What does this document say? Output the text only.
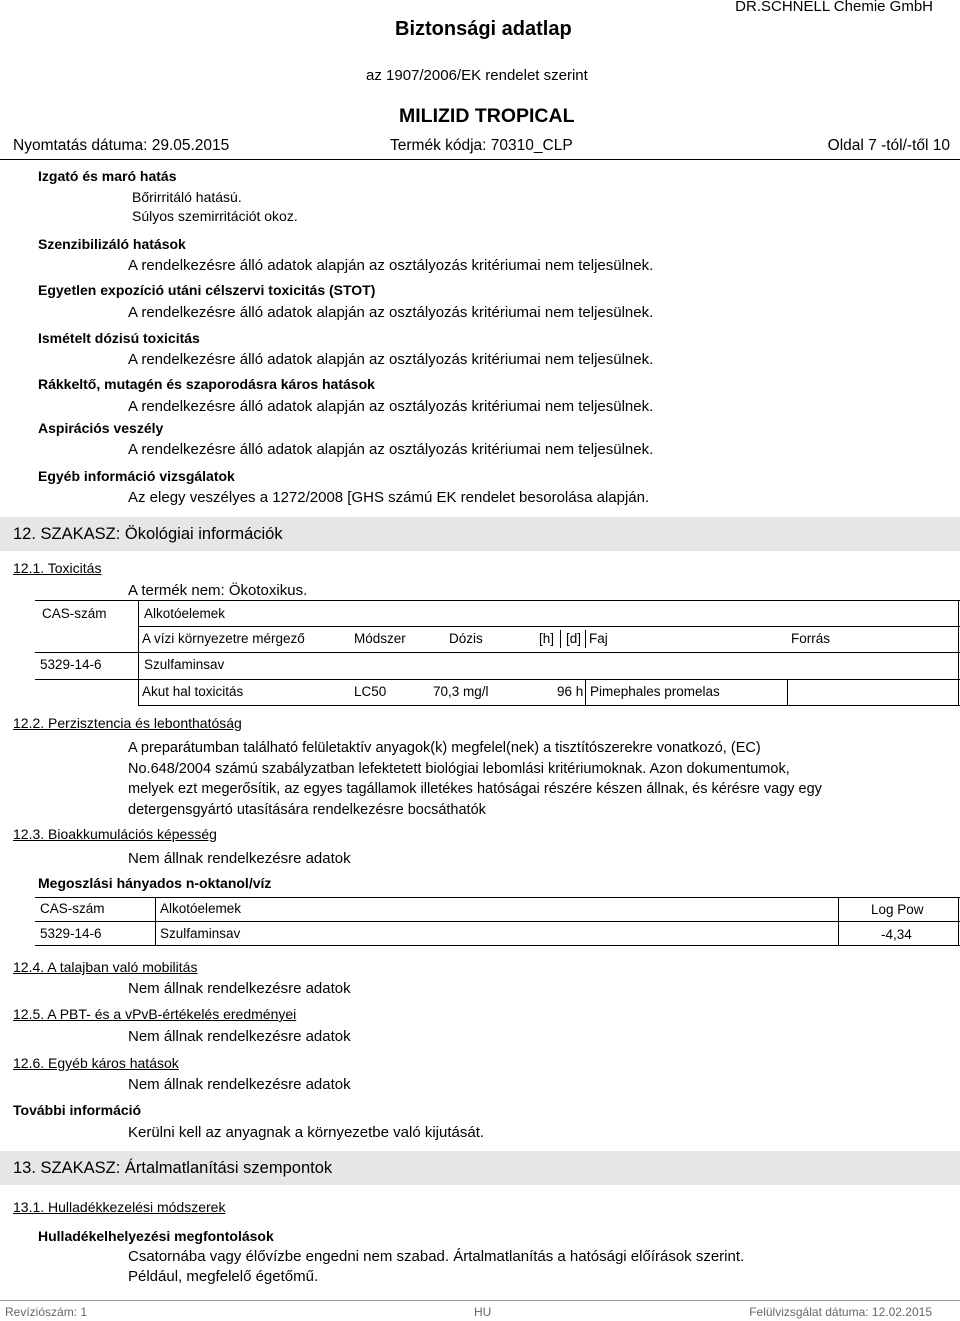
Biztonsági adatlap
DR.SCHNELL Chemie GmbH
az 1907/2006/EK rendelet szerint
MILIZID TROPICAL
Nyomtatás dátuma: 29.05.2015	Termék kódja: 70310_CLP	Oldal 7 -tól/-től 10
Izgató és maró hatás
Bőrirritáló hatású.
Súlyos szemirritációt okoz.
Szenzibilizáló hatások
A rendelkezésre álló adatok alapján az osztályozás kritériumai nem teljesülnek.
Egyetlen expozíció utáni célszervi toxicitás (STOT)
A rendelkezésre álló adatok alapján az osztályozás kritériumai nem teljesülnek.
Ismételt dózisú toxicitás
A rendelkezésre álló adatok alapján az osztályozás kritériumai nem teljesülnek.
Rákkeltő, mutagén és szaporodásra káros hatások
A rendelkezésre álló adatok alapján az osztályozás kritériumai nem teljesülnek.
Aspirációs veszély
A rendelkezésre álló adatok alapján az osztályozás kritériumai nem teljesülnek.
Egyéb információ vizsgálatok
Az elegy veszélyes a 1272/2008 [GHS számú EK rendelet besorolása alapján.
12. SZAKASZ: Ökológiai információk
12.1. Toxicitás
A termék nem: Ökotoxikus.
CAS-szám	Alkotóelemek
A vízi környezetre mérgező	Módszer	Dózis	[h] [d] Faj	Forrás
5329-14-6	Szulfaminsav
Akut hal toxicitás	LC50	70,3 mg/l	96 h Pimephales promelas
12.2. Perzisztencia és lebonthatóság
A preparátumban található felületaktív anyagok(k) megfelel(nek) a tisztítószerekre vonatkozó, (EC) No.648/2004 számú szabályzatban lefektetett biológiai lebomlási kritériumoknak. Azon dokumentumok, melyek ezt megerősítik, az egyes tagállamok illetékes hatóságai részére készen állnak, és kérésre vagy egy detergensgyártó utasítására rendelkezésre bocsáthatók
12.3. Bioakkumulációs képesség
Nem állnak rendelkezésre adatok
Megoszlási hányados n-oktanol/víz
CAS-szám	Alkotóelemek	Log Pow
5329-14-6	Szulfaminsav	-4,34
12.4. A talajban való mobilitás
Nem állnak rendelkezésre adatok
12.5. A PBT- és a vPvB-értékelés eredményei
Nem állnak rendelkezésre adatok
12.6. Egyéb káros hatások
Nem állnak rendelkezésre adatok
További információ
Kerülni kell az anyagnak a környezetbe való kijutását.
13. SZAKASZ: Ártalmatlanítási szempontok
13.1. Hulladékkezelési módszerek
Hulladékelhelyezési megfontolások
Csatornába vagy élővízbe engedni nem szabad. Ártalmatlanítás a hatósági előírások szerint.
Például, megfelelő égetőmű.
Revíziószám: 1	HU	Felülvizsgálat dátuma: 12.02.2015
